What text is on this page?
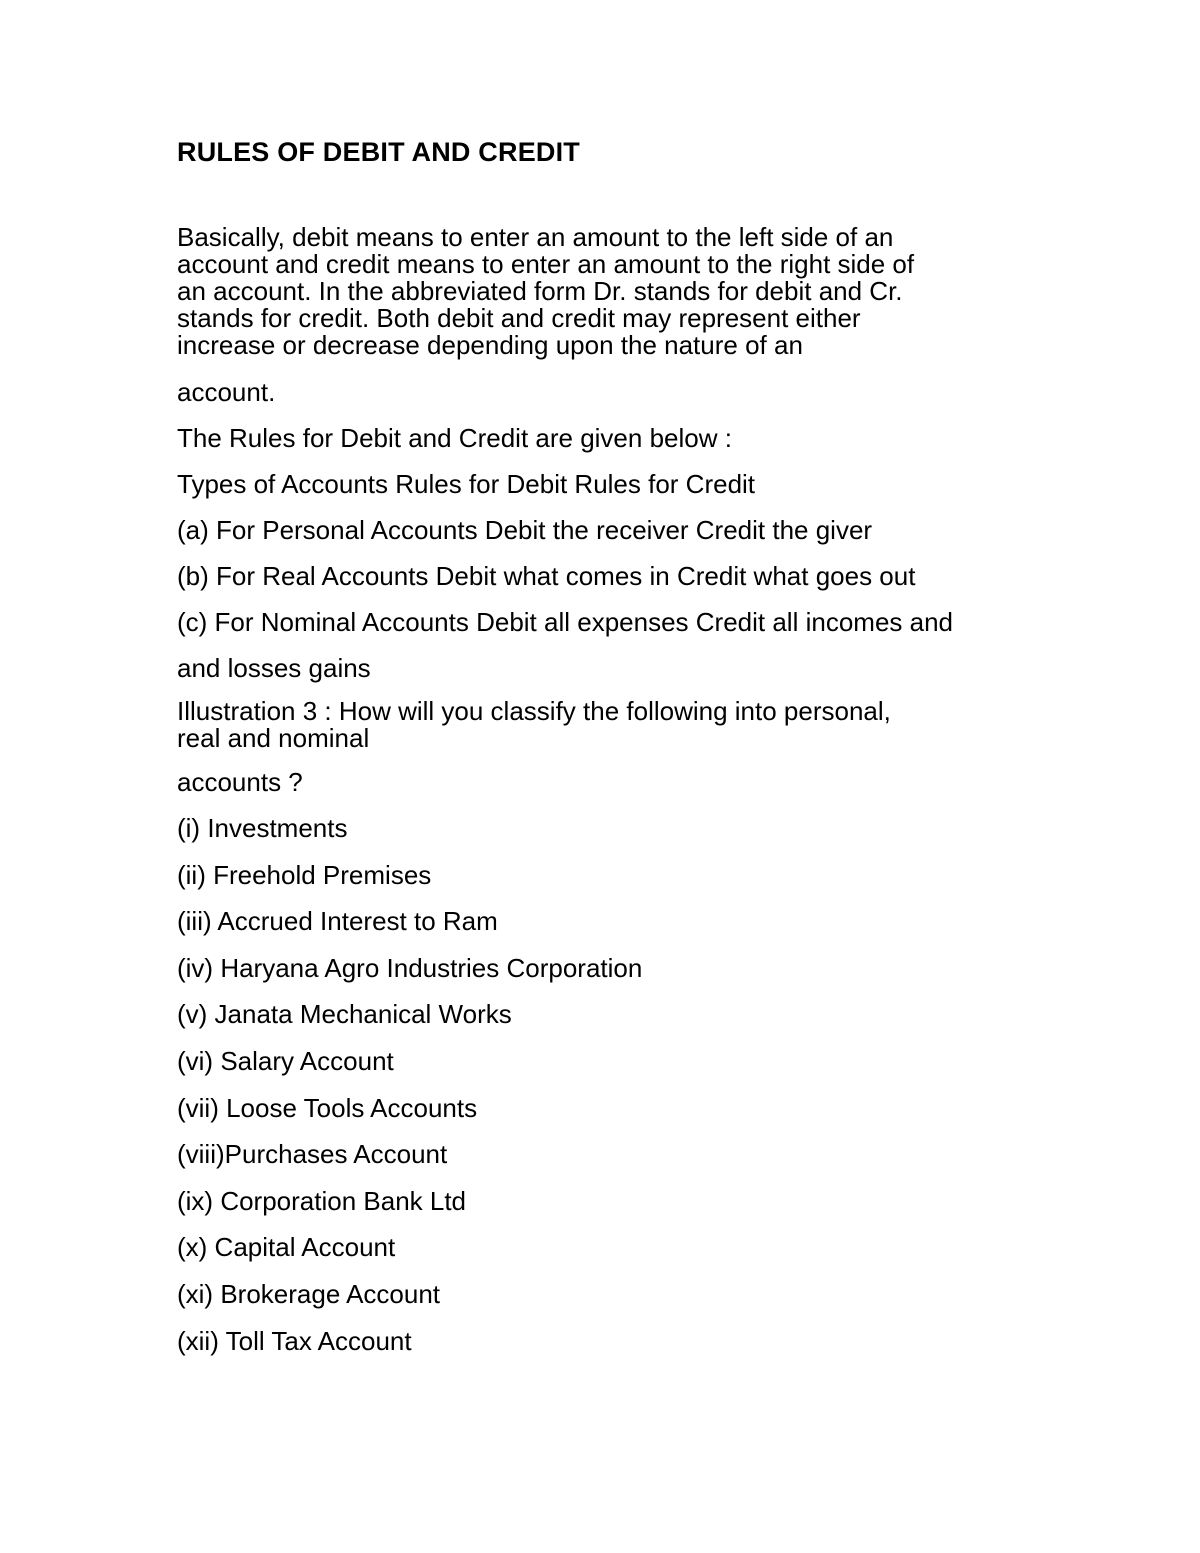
RULES OF DEBIT AND CREDIT

Basically, debit means to enter an amount to the left side of an
account and credit means to enter an amount to the right side of
an account. In the abbreviated form Dr. stands for debit and Cr.
stands for credit. Both debit and credit may represent either
increase or decrease depending upon the nature of an

account.

The Rules for Debit and Credit are given below :

Types of Accounts Rules for Debit Rules for Credit

(a) For Personal Accounts Debit the receiver Credit the giver

(b) For Real Accounts Debit what comes in Credit what goes out

(c) For Nominal Accounts Debit all expenses Credit all incomes and

and losses gains

Illustration 3 : How will you classify the following into personal,
real and nominal

accounts ?

(i) Investments
(ii) Freehold Premises
(iii) Accrued Interest to Ram
(iv) Haryana Agro Industries Corporation
(v) Janata Mechanical Works
(vi) Salary Account
(vii) Loose Tools Accounts
(viii)Purchases Account
(ix) Corporation Bank Ltd
(x) Capital Account
(xi) Brokerage Account
(xii) Toll Tax Account
